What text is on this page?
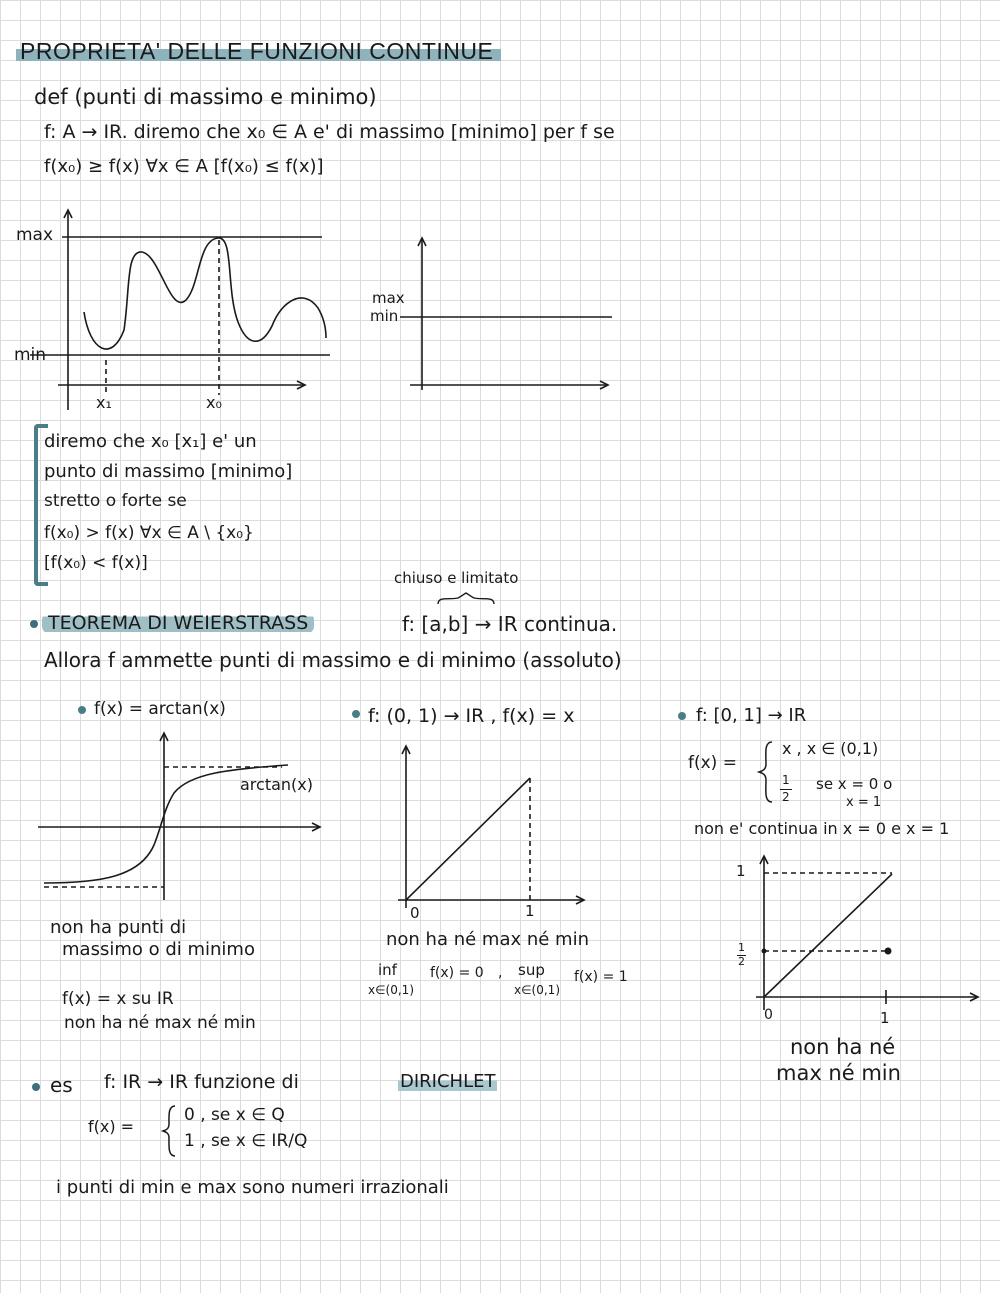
PROPRIETA' DELLE FUNZIONI CONTINUE
def (punti di massimo e minimo)
f: A → IR. diremo che x₀ ∈ A e' di massimo [minimo] per f se
f(x₀) ≥ f(x) ∀x ∈ A [f(x₀) ≤ f(x)]
max
min
x₁	x₀
max
min
diremo che x₀ [x₁] e' un
punto di massimo [minimo]
stretto o forte se
f(x₀) > f(x) ∀x ∈ A \ {x₀}
[f(x₀) < f(x)]
chiuso e limitato
TEOREMA DI WEIERSTRASS	f: [a,b] → IR continua.
Allora f ammette punti di massimo e di minimo (assoluto)
f(x) = arctan(x)
arctan(x)
non ha punti di
massimo o di minimo
f(x) = x su IR
non ha né max né min
f: (0, 1) → IR , f(x) = x
0	1
non ha né max né min
inf
x∈(0,1)
f(x) = 0 , sup
x∈(0,1)
f(x) = 1
f: [0, 1] → IR
f(x) =
x , x ∈ (0,1)
1
2
se x = 0 o
x = 1
non e' continua in x = 0 e x = 1
1
1
2
0	1
non ha né
max né min
es f: IR → IR funzione di	DIRICHLET
f(x) =
0 , se x ∈ Q
1 , se x ∈ IR/Q
i punti di min e max sono numeri irrazionali
